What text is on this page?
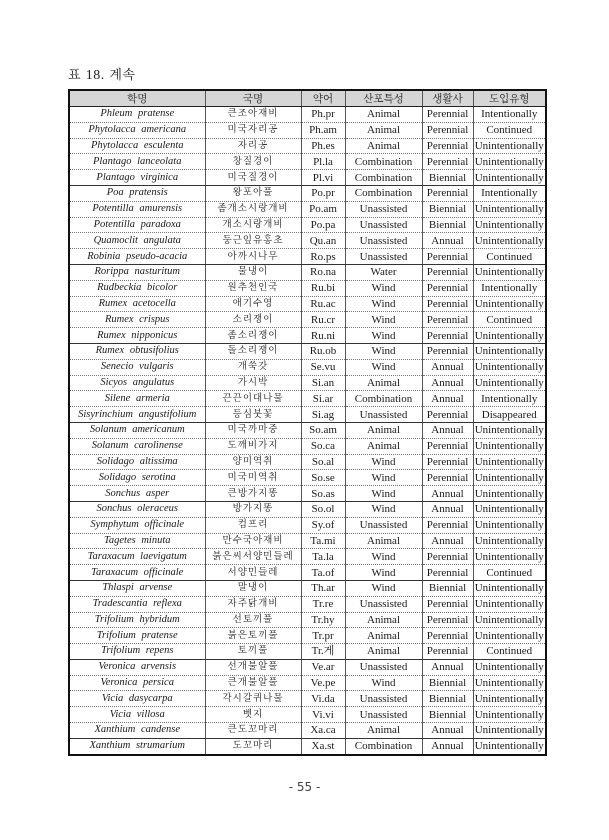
표 18. 계속
학명	국명	약어	산포특성	생활사	도입유형
Phleum pratense	큰조아재비	Ph.pr	Animal	Perennial	Intentionally
Phytolacca americana	미국자리공	Ph.am	Animal	Perennial	Continued
Phytolacca esculenta	자리공	Ph.es	Animal	Perennial	Unintentionally
Plantago lanceolata	창질경이	Pl.la	Combination	Perennial	Unintentionally
Plantago virginica	미국질경이	Pl.vi	Combination	Biennial	Unintentionally
Poa pratensis	왕포아풀	Po.pr	Combination	Perennial	Intentionally
Potentilla amurensis	좀개소시랑개비	Po.am	Unassisted	Biennial	Unintentionally
Potentilla paradoxa	개소시랑개비	Po.pa	Unassisted	Biennial	Unintentionally
Quamoclit angulata	둥근잎유홍초	Qu.an	Unassisted	Annual	Unintentionally
Robinia pseudo-acacia	아까시나무	Ro.ps	Unassisted	Perennial	Continued
Rorippa nasturitum	물냉이	Ro.na	Water	Perennial	Unintentionally
Rudbeckia bicolor	원추천인국	Ru.bi	Wind	Perennial	Intentionally
Rumex acetocella	애기수영	Ru.ac	Wind	Perennial	Unintentionally
Rumex crispus	소리쟁이	Ru.cr	Wind	Perennial	Continued
Rumex nipponicus	좀소리쟁이	Ru.ni	Wind	Perennial	Unintentionally
Rumex obtusifolius	돌소리쟁이	Ru.ob	Wind	Perennial	Unintentionally
Senecio vulgaris	개쑥갓	Se.vu	Wind	Annual	Unintentionally
Sicyos angulatus	가시박	Si.an	Animal	Annual	Unintentionally
Silene armeria	끈끈이대나물	Si.ar	Combination	Annual	Intentionally
Sisyrinchium angustifolium	등심붓꽃	Si.ag	Unassisted	Perennial	Disappeared
Solanum americanum	미국까마중	So.am	Animal	Annual	Unintentionally
Solanum carolinense	도깨비가지	So.ca	Animal	Perennial	Unintentionally
Solidago altissima	양미역취	So.al	Wind	Perennial	Unintentionally
Solidago serotina	미국미역취	So.se	Wind	Perennial	Unintentionally
Sonchus asper	큰방가지똥	So.as	Wind	Annual	Unintentionally
Sonchus oleraceus	방가지똥	So.ol	Wind	Annual	Unintentionally
Symphytum officinale	컴프리	Sy.of	Unassisted	Perennial	Unintentionally
Tagetes minuta	만수국아재비	Ta.mi	Animal	Annual	Unintentionally
Taraxacum laevigatum	붉은씨서양민들레	Ta.la	Wind	Perennial	Unintentionally
Taraxacum officinale	서양민들레	Ta.of	Wind	Perennial	Continued
Thlaspi arvense	말냉이	Th.ar	Wind	Biennial	Unintentionally
Tradescantia reflexa	자주닭개비	Tr.re	Unassisted	Perennial	Unintentionally
Trifolium hybridum	선토끼풀	Tr.hy	Animal	Perennial	Unintentionally
Trifolium pratense	붉은토끼풀	Tr.pr	Animal	Perennial	Unintentionally
Trifolium repens	토끼풀	Tr.게	Animal	Perennial	Continued
Veronica arvensis	선개불알풀	Ve.ar	Unassisted	Annual	Unintentionally
Veronica persica	큰개불알풀	Ve.pe	Wind	Biennial	Unintentionally
Vicia dasycarpa	각시갈퀴나물	Vi.da	Unassisted	Biennial	Unintentionally
Vicia villosa	벳지	Vi.vi	Unassisted	Biennial	Unintentionally
Xanthium candense	큰도꼬마리	Xa.ca	Animal	Annual	Unintentionally
Xanthium strumarium	도꼬마리	Xa.st	Combination	Annual	Unintentionally
- 55 -
